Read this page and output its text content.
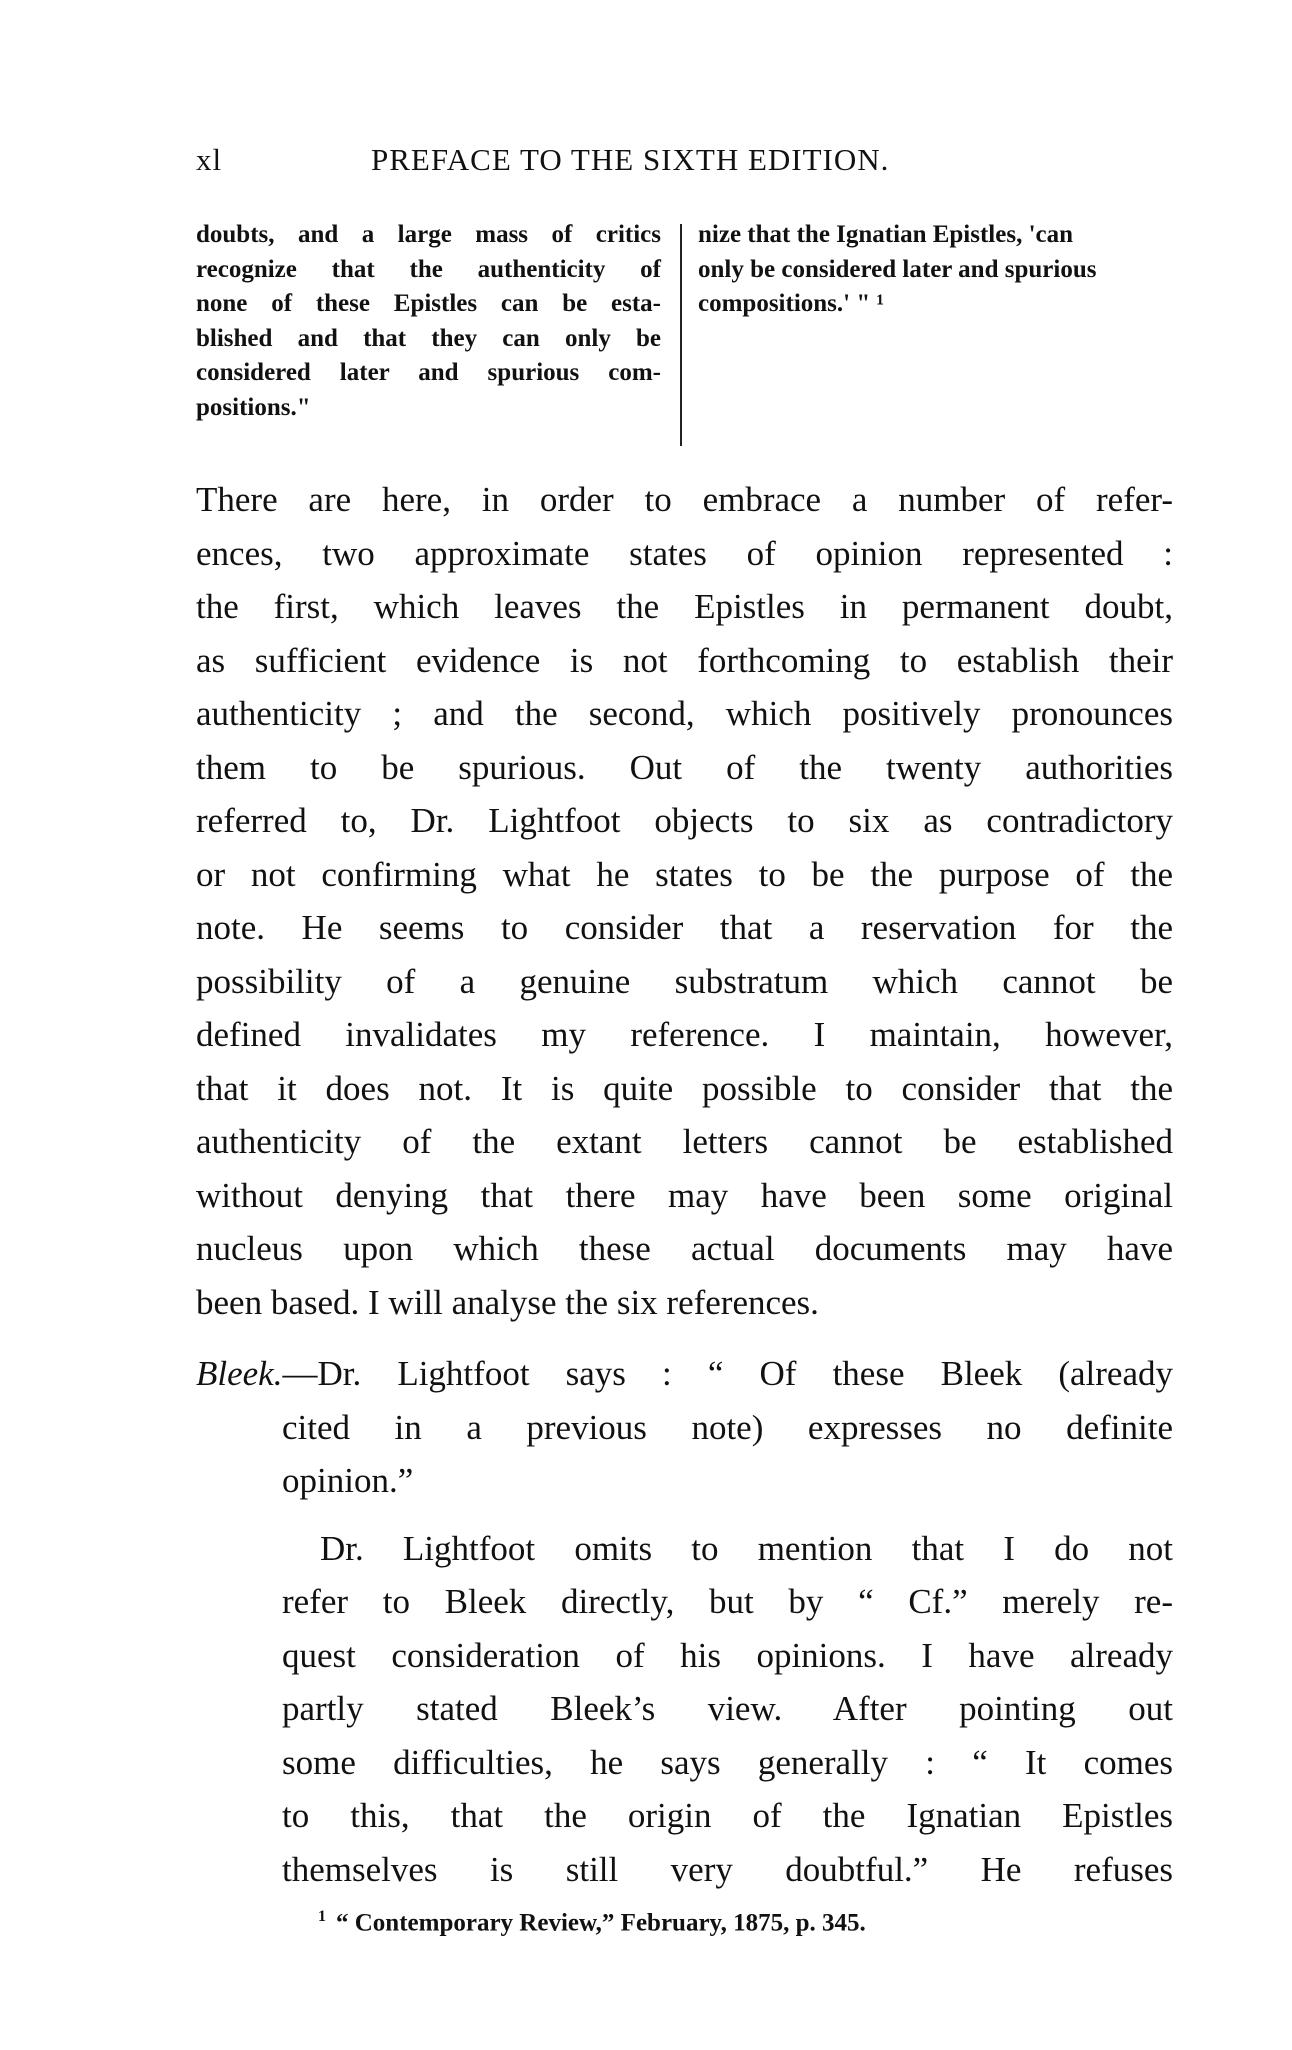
xl	PREFACE TO THE SIXTH EDITION.
doubts, and a large mass of critics
recognize that the authenticity of
none of these Epistles can be esta-
blished and that they can only be
considered later and spurious com-
positions."
nize that the Ignatian Epistles, 'can
only be considered later and spurious
compositions.' " ¹
There are here, in order to embrace a number of refer-
ences, two approximate states of opinion represented :
the first, which leaves the Epistles in permanent doubt,
as sufficient evidence is not forthcoming to establish their
authenticity ; and the second, which positively pronounces
them to be spurious. Out of the twenty authorities
referred to, Dr. Lightfoot objects to six as contradictory
or not confirming what he states to be the purpose of the
note. He seems to consider that a reservation for the
possibility of a genuine substratum which cannot be
defined invalidates my reference. I maintain, however,
that it does not. It is quite possible to consider that the
authenticity of the extant letters cannot be established
without denying that there may have been some original
nucleus upon which these actual documents may have
been based. I will analyse the six references.
Bleek.—Dr. Lightfoot says : “ Of these Bleek (already
cited in a previous note) expresses no definite
opinion.”
Dr. Lightfoot omits to mention that I do not
refer to Bleek directly, but by “ Cf.” merely re-
quest consideration of his opinions. I have already
partly stated Bleek’s view. After pointing out
some difficulties, he says generally : “ It comes
to this, that the origin of the Ignatian Epistles
themselves is still very doubtful.” He refuses
$^1$ “ Contemporary Review,” February, 1875, p. 345.
